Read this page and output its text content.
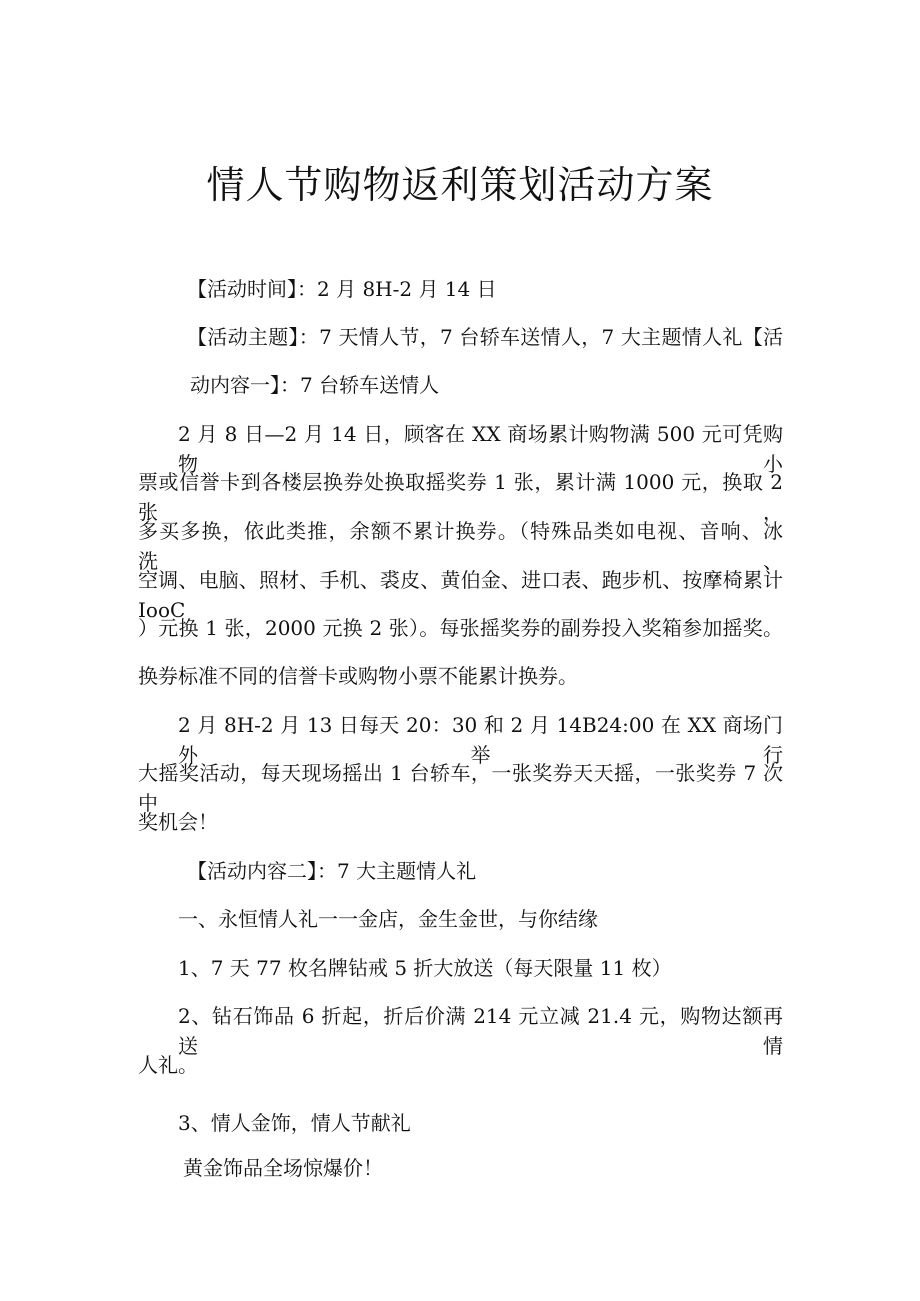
情人节购物返利策划活动方案

【活动时间】：2 月 8H-2 月 14 日

【活动主题】：7 天情人节，7 台轿车送情人，7 大主题情人礼【活

动内容一】：7 台轿车送情人

2 月 8 日—2 月 14 日，顾客在 XX 商场累计购物满 500 元可凭购物小

票或信誉卡到各楼层换券处换取摇奖券 1 张，累计满 1000 元，换取 2 张，

多买多换，依此类推，余额不累计换券。（特殊品类如电视、音响、冰洗、

空调、电脑、照材、手机、裘皮、黄伯金、进口表、跑步机、按摩椅累计 IooC

）元换 1 张，2000 元换 2 张）。每张摇奖券的副券投入奖箱参加摇奖。

换券标准不同的信誉卡或购物小票不能累计换券。

2 月 8H-2 月 13 日每天 20：30 和 2 月 14B24:00 在 XX 商场门外举行

大摇奖活动，每天现场摇出 1 台轿车，一张奖券天天摇，一张奖券 7 次中

奖机会！

【活动内容二】：7 大主题情人礼

一、永恒情人礼一一金店，金生金世，与你结缘

1、7 天 77 枚名牌钻戒 5 折大放送（每天限量 11 枚）

2、钻石饰品 6 折起，折后价满 214 元立减 21.4 元，购物达额再送情

人礼。

3、情人金饰，情人节献礼

黄金饰品全场惊爆价！
